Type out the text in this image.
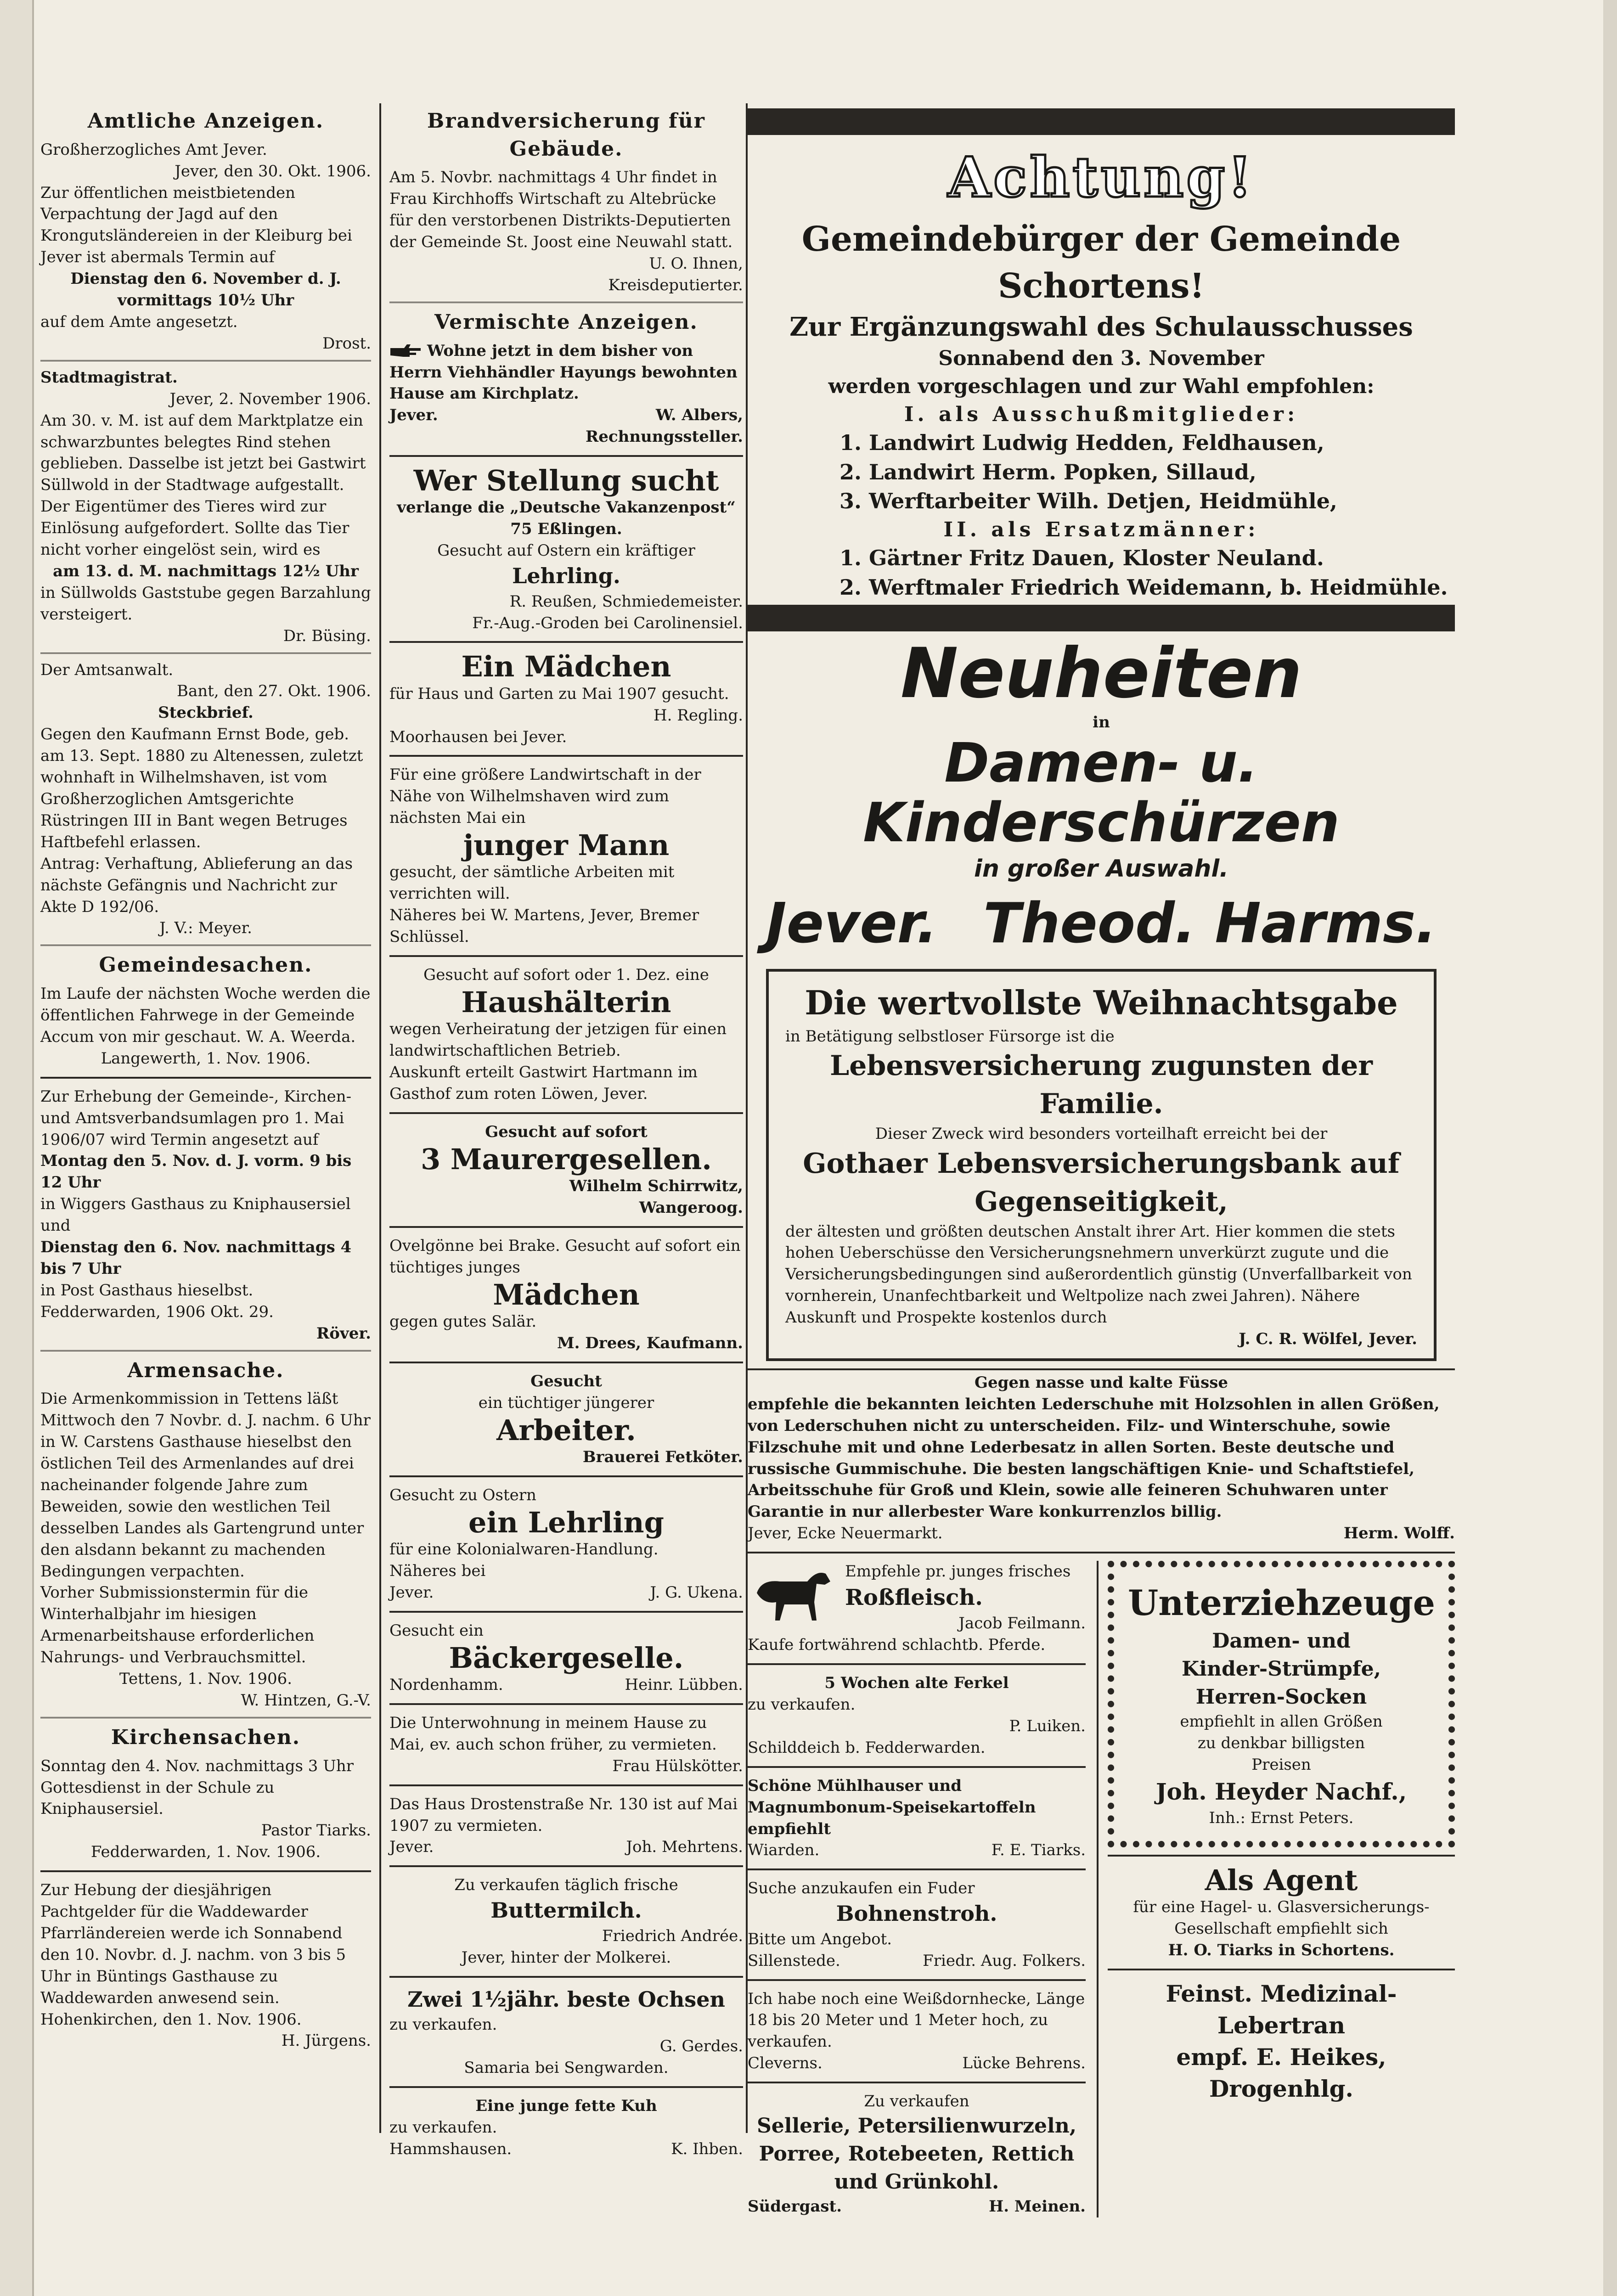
Amtliche Anzeigen.
Großherzogliches Amt Jever.
Jever, den 30. Okt. 1906.
Zur öffentlichen meistbietenden Verpachtung der Jagd auf den Krongutsländereien in der Kleiburg bei Jever ist abermals Termin auf
Dienstag den 6. November d. J. vormittags 10½ Uhr
auf dem Amte angesetzt.
Drost.
Stadtmagistrat.
Jever, 2. November 1906.
Am 30. v. M. ist auf dem Marktplatze ein schwarzbuntes belegtes Rind stehen geblieben. Dasselbe ist jetzt bei Gastwirt Süllwold in der Stadtwage aufgestallt.
Der Eigentümer des Tieres wird zur Einlösung aufgefordert. Sollte das Tier nicht vorher eingelöst sein, wird es
am 13. d. M. nachmittags 12½ Uhr
in Süllwolds Gaststube gegen Barzahlung versteigert.
Dr. Büsing.
Der Amtsanwalt.
Bant, den 27. Okt. 1906.
Steckbrief.
Gegen den Kaufmann Ernst Bode, geb. am 13. Sept. 1880 zu Altenessen, zuletzt wohnhaft in Wilhelmshaven, ist vom Großherzoglichen Amtsgerichte Rüstringen III in Bant wegen Betruges Haftbefehl erlassen.
Antrag: Verhaftung, Ablieferung an das nächste Gefängnis und Nachricht zur Akte D 192/06.
J. V.: Meyer.
Gemeindesachen.
Im Laufe der nächsten Woche werden die öffentlichen Fahrwege in der Gemeinde Accum von mir geschaut. W. A. Weerda.
Langewerth, 1. Nov. 1906.
Zur Erhebung der Gemeinde-, Kirchen- und Amtsverbandsumlagen pro 1. Mai 1906/07 wird Termin angesetzt auf
Montag den 5. Nov. d. J. vorm. 9 bis 12 Uhr
in Wiggers Gasthaus zu Kniphausersiel und
Dienstag den 6. Nov. nachmittags 4 bis 7 Uhr
in Post Gasthaus hieselbst.
Fedderwarden, 1906 Okt. 29.
Röver.
Armensache.
Die Armenkommission in Tettens läßt Mittwoch den 7 Novbr. d. J. nachm. 6 Uhr in W. Carstens Gasthause hieselbst den östlichen Teil des Armenlandes auf drei nacheinander folgende Jahre zum Beweiden, sowie den westlichen Teil desselben Landes als Gartengrund unter den alsdann bekannt zu machenden Bedingungen verpachten.
Vorher Submissionstermin für die Winterhalbjahr im hiesigen Armenarbeitshause erforderlichen Nahrungs- und Verbrauchsmittel.
Tettens, 1. Nov. 1906.
W. Hintzen, G.-V.
Kirchensachen.
Sonntag den 4. Nov. nachmittags 3 Uhr Gottesdienst in der Schule zu Kniphausersiel.
Pastor Tiarks.
Fedderwarden, 1. Nov. 1906.
Zur Hebung der diesjährigen Pachtgelder für die Waddewarder Pfarrländereien werde ich Sonnabend den 10. Novbr. d. J. nachm. von 3 bis 5 Uhr in Büntings Gasthause zu Waddewarden anwesend sein.
Hohenkirchen, den 1. Nov. 1906.
H. Jürgens.
Brandversicherung für Gebäude.
Am 5. Novbr. nachmittags 4 Uhr findet in Frau Kirchhoffs Wirtschaft zu Altebrücke für den verstorbenen Distrikts-Deputierten der Gemeinde St. Joost eine Neuwahl statt.
U. O. Ihnen,
Kreisdeputierter.
Vermischte Anzeigen.
Wohne jetzt in dem bisher von Herrn Viehhändler Hayungs bewohnten Hause am Kirchplatz.
Jever.	W. Albers,
Rechnungssteller.
Wer Stellung sucht
verlange die „Deutsche Vakanzenpost“ 75 Eßlingen.
Gesucht auf Ostern ein kräftiger
Lehrling.
R. Reußen, Schmiedemeister.
Fr.-Aug.-Groden bei Carolinensiel.
Ein Mädchen
für Haus und Garten zu Mai 1907 gesucht.
H. Regling.
Moorhausen bei Jever.
Für eine größere Landwirtschaft in der Nähe von Wilhelmshaven wird zum nächsten Mai ein
junger Mann
gesucht, der sämtliche Arbeiten mit verrichten will.
Näheres bei W. Martens, Jever, Bremer Schlüssel.
Gesucht auf sofort oder 1. Dez. eine
Haushälterin
wegen Verheiratung der jetzigen für einen landwirtschaftlichen Betrieb.
Auskunft erteilt Gastwirt Hartmann im Gasthof zum roten Löwen, Jever.
Gesucht auf sofort
3 Maurergesellen.
Wilhelm Schirrwitz,
Wangeroog.
Ovelgönne bei Brake. Gesucht auf sofort ein tüchtiges junges
Mädchen
gegen gutes Salär.
M. Drees, Kaufmann.
Gesucht
ein tüchtiger jüngerer
Arbeiter.
Brauerei Fetköter.
Gesucht zu Ostern
ein Lehrling
für eine Kolonialwaren-Handlung.
Näheres bei
Jever.	J. G. Ukena.
Gesucht ein
Bäckergeselle.
Nordenhamm.	Heinr. Lübben.
Die Unterwohnung in meinem Hause zu Mai, ev. auch schon früher, zu vermieten.
Frau Hülskötter.
Das Haus Drostenstraße Nr. 130 ist auf Mai 1907 zu vermieten.
Jever.	Joh. Mehrtens.
Zu verkaufen täglich frische
Buttermilch.
Friedrich Andrée.
Jever, hinter der Molkerei.
Zwei 1½jähr. beste Ochsen
zu verkaufen.
G. Gerdes.
Samaria bei Sengwarden.
Eine junge fette Kuh
zu verkaufen.
Hammshausen.	K. Ihben.
Achtung!
Gemeindebürger der Gemeinde Schortens!
Zur Ergänzungswahl des Schulausschusses
Sonnabend den 3. November
werden vorgeschlagen und zur Wahl empfohlen:
I. als Ausschußmitglieder:
1. Landwirt Ludwig Hedden, Feldhausen,
2. Landwirt Herm. Popken, Sillaud,
3. Werftarbeiter Wilh. Detjen, Heidmühle,
II. als Ersatzmänner:
1. Gärtner Fritz Dauen, Kloster Neuland.
2. Werftmaler Friedrich Weidemann, b. Heidmühle.
Neuheiten
in
Damen- u. Kinderschürzen
in großer Auswahl.
Jever. Theod. Harms.
Die wertvollste Weihnachtsgabe
in Betätigung selbstloser Fürsorge ist die
Lebensversicherung zugunsten der Familie.
Dieser Zweck wird besonders vorteilhaft erreicht bei der
Gothaer Lebensversicherungsbank auf Gegenseitigkeit,
der ältesten und größten deutschen Anstalt ihrer Art. Hier kommen die stets hohen Ueberschüsse den Versicherungsnehmern unverkürzt zugute und die Versicherungsbedingungen sind außerordentlich günstig (Unverfallbarkeit von vornherein, Unanfechtbarkeit und Weltpolize nach zwei Jahren). Nähere Auskunft und Prospekte kostenlos durch
J. C. R. Wölfel, Jever.
Gegen nasse und kalte Füsse
empfehle die bekannten leichten Lederschuhe mit Holzsohlen in allen Größen, von Lederschuhen nicht zu unterscheiden. Filz- und Winterschuhe, sowie Filzschuhe mit und ohne Lederbesatz in allen Sorten. Beste deutsche und russische Gummischuhe. Die besten langschäftigen Knie- und Schaftstiefel, Arbeitsschuhe für Groß und Klein, sowie alle feineren Schuhwaren unter Garantie in nur allerbester Ware konkurrenzlos billig.
Jever, Ecke Neuermarkt.	Herm. Wolff.
Empfehle pr. junges frisches
Roßfleisch.
Jacob Feilmann.
Kaufe fortwährend schlachtb. Pferde.
5 Wochen alte Ferkel
zu verkaufen.
P. Luiken.
Schilddeich b. Fedderwarden.
Schöne Mühlhauser und Magnumbonum-Speisekartoffeln empfiehlt
Wiarden.	F. E. Tiarks.
Suche anzukaufen ein Fuder
Bohnenstroh.
Bitte um Angebot.
Sillenstede.	Friedr. Aug. Folkers.
Ich habe noch eine Weißdornhecke, Länge 18 bis 20 Meter und 1 Meter hoch, zu verkaufen.
Cleverns.	Lücke Behrens.
Zu verkaufen
Sellerie, Petersilienwurzeln, Porree, Rotebeeten, Rettich und Grünkohl.
Südergast.	H. Meinen.
Unterziehzeuge
Damen- und
Kinder-Strümpfe,
Herren-Socken
empfiehlt in allen Größen
zu denkbar billigsten
Preisen
Joh. Heyder Nachf.,
Inh.: Ernst Peters.
Als Agent
für eine Hagel- u. Glasversicherungs-Gesellschaft empfiehlt sich
H. O. Tiarks in Schortens.
Feinst. Medizinal-Lebertran
empf. E. Heikes, Drogenhlg.
